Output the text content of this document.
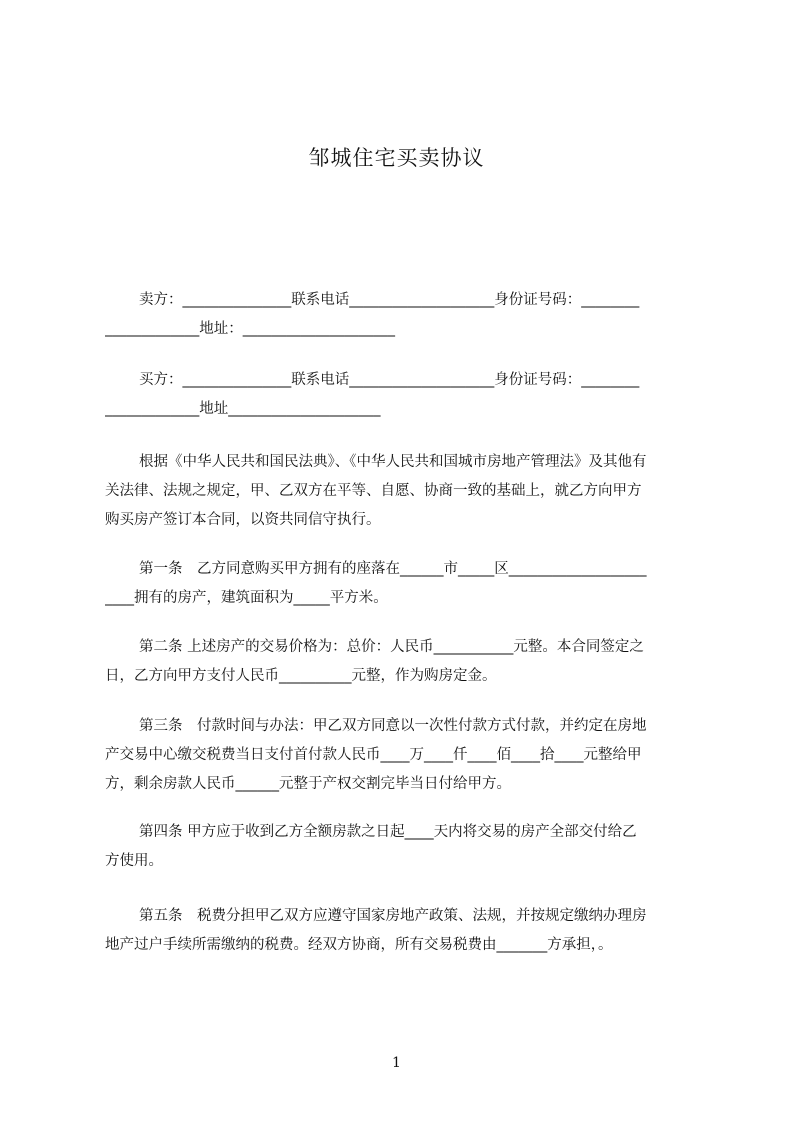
邹城住宅买卖协议
卖方：_______________联系电话____________________身份证号码：________
_____________地址：_____________________
买方：_______________联系电话____________________身份证号码：________
_____________地址_____________________
根据《中华人民共和国民法典》、《中华人民共和国城市房地产管理法》及其他有
关法律、法规之规定，甲、乙双方在平等、自愿、协商一致的基础上，就乙方向甲方
购买房产签订本合同，以资共同信守执行。
第一条　乙方同意购买甲方拥有的座落在______市_____区___________________
____拥有的房产，建筑面积为_____平方米。
第二条 上述房产的交易价格为：总价：人民币___________元整。本合同签定之
日，乙方向甲方支付人民币__________元整，作为购房定金。
第三条　付款时间与办法：甲乙双方同意以一次性付款方式付款，并约定在房地
产交易中心缴交税费当日支付首付款人民币____万____仟____佰____拾____元整给甲
方，剩余房款人民币______元整于产权交割完毕当日付给甲方。
第四条 甲方应于收到乙方全额房款之日起____天内将交易的房产全部交付给乙
方使用。
第五条　税费分担甲乙双方应遵守国家房地产政策、法规，并按规定缴纳办理房
地产过户手续所需缴纳的税费。经双方协商，所有交易税费由_______方承担，。
1
